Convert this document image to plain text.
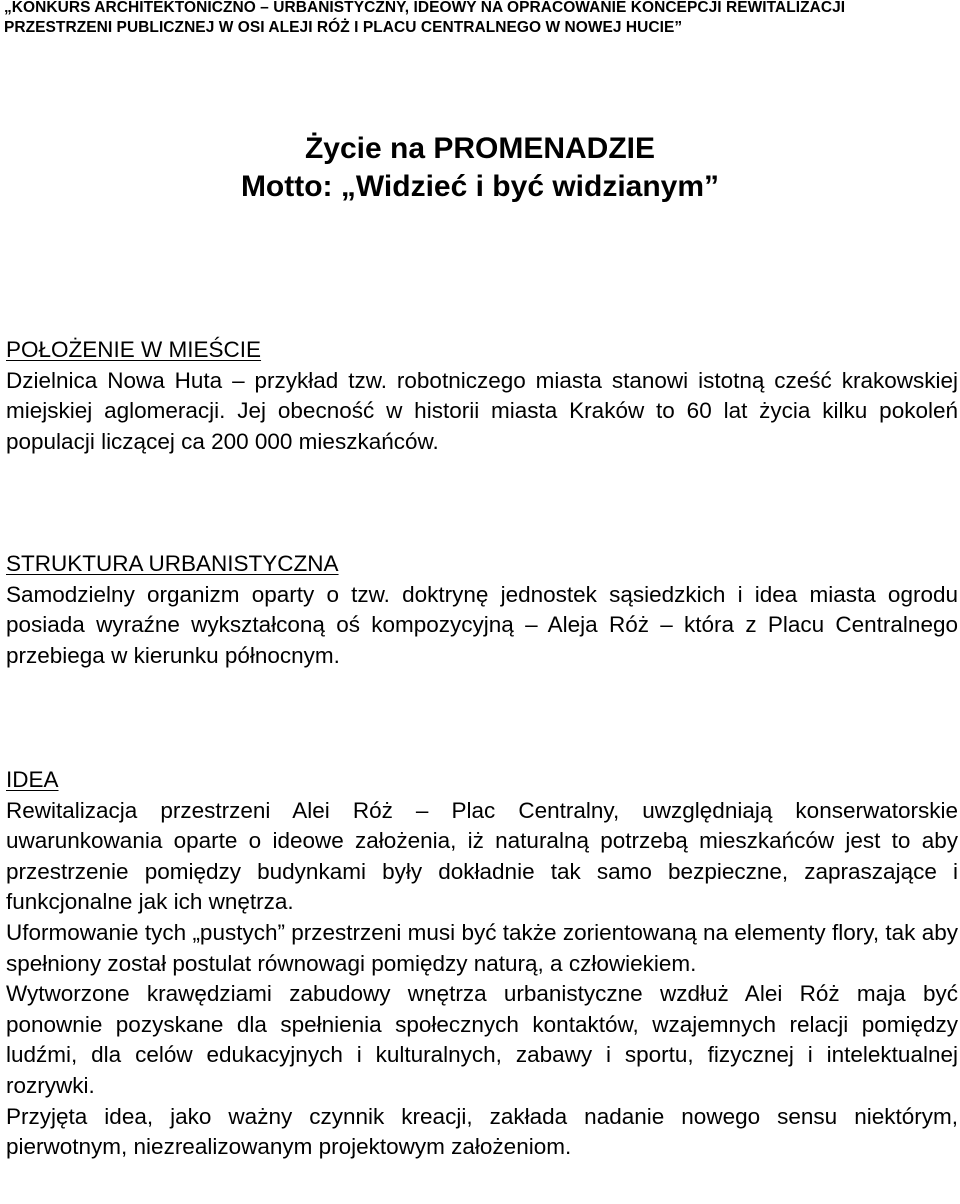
„KONKURS ARCHITEKTONICZNO – URBANISTYCZNY, IDEOWY NA OPRACOWANIE KONCEPCJI REWITALIZACJI
PRZESTRZENI PUBLICZNEJ W OSI ALEJI RÓŻ I PLACU CENTRALNEGO W NOWEJ HUCIE”
Życie na PROMENADZIE
Motto: „Widzieć i być widzianym”
POŁOŻENIE W MIEŚCIE

Dzielnica Nowa Huta – przykład tzw. robotniczego miasta stanowi istotną cześć krakowskiej miejskiej aglomeracji. Jej obecność w historii miasta Kraków to 60 lat życia kilku pokoleń populacji liczącej ca 200 000 mieszkańców.

STRUKTURA URBANISTYCZNA

Samodzielny organizm oparty o tzw. doktrynę jednostek sąsiedzkich i idea miasta ogrodu posiada wyraźne wykształconą oś kompozycyjną – Aleja Róż – która z Placu Centralnego przebiega w kierunku północnym.

IDEA

Rewitalizacja przestrzeni Alei Róż – Plac Centralny, uwzględniają konserwatorskie uwarunkowania oparte o ideowe założenia, iż naturalną potrzebą mieszkańców jest to aby przestrzenie pomiędzy budynkami były dokładnie tak samo bezpieczne, zapraszające i funkcjonalne jak ich wnętrza.

Uformowanie tych „pustych” przestrzeni musi być także zorientowaną na elementy flory, tak aby spełniony został postulat równowagi pomiędzy naturą, a człowiekiem.

Wytworzone krawędziami zabudowy wnętrza urbanistyczne wzdłuż Alei Róż maja być ponownie pozyskane dla spełnienia społecznych kontaktów, wzajemnych relacji pomiędzy ludźmi, dla celów edukacyjnych i kulturalnych, zabawy i sportu, fizycznej i intelektualnej rozrywki.

Przyjęta idea, jako ważny czynnik kreacji, zakłada nadanie nowego sensu niektórym, pierwotnym, niezrealizowanym projektowym założeniom.
